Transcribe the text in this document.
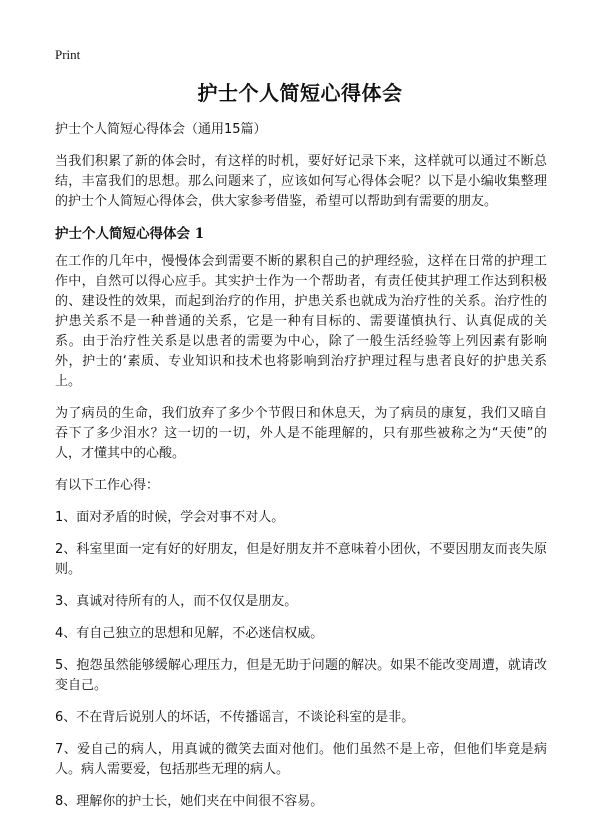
Print
护士个人简短心得体会

护士个人简短心得体会（通用15篇）

当我们积累了新的体会时，有这样的时机，要好好记录下来，这样就可以通过不断总结，丰富我们的思想。那么问题来了，应该如何写心得体会呢？以下是小编收集整理的护士个人简短心得体会，供大家参考借鉴，希望可以帮助到有需要的朋友。

护士个人简短心得体会 1

在工作的几年中，慢慢体会到需要不断的累积自己的护理经验，这样在日常的护理工作中，自然可以得心应手。其实护士作为一个帮助者，有责任使其护理工作达到积极的、建设性的效果，而起到治疗的作用，护患关系也就成为治疗性的关系。治疗性的护患关系不是一种普通的关系，它是一种有目标的、需要谨慎执行、认真促成的关系。由于治疗性关系是以患者的需要为中心，除了一般生活经验等上列因素有影响外，护士的‘素质、专业知识和技术也将影响到治疗护理过程与患者良好的护患关系上。

为了病员的生命，我们放弃了多少个节假日和休息天，为了病员的康复，我们又暗自吞下了多少泪水？这一切的一切，外人是不能理解的，只有那些被称之为“天使”的人，才懂其中的心酸。

有以下工作心得：

1、面对矛盾的时候，学会对事不对人。
2、科室里面一定有好的好朋友，但是好朋友并不意味着小团伙，不要因朋友而丧失原则。
3、真诚对待所有的人，而不仅仅是朋友。
4、有自己独立的思想和见解，不必迷信权威。
5、抱怨虽然能够缓解心理压力，但是无助于问题的解决。如果不能改变周遭，就请改变自己。
6、不在背后说别人的坏话，不传播谣言，不谈论科室的是非。
7、爱自己的病人，用真诚的微笑去面对他们。他们虽然不是上帝，但他们毕竟是病人。病人需要爱，包括那些无理的病人。
8、理解你的护士长，她们夹在中间很不容易。
